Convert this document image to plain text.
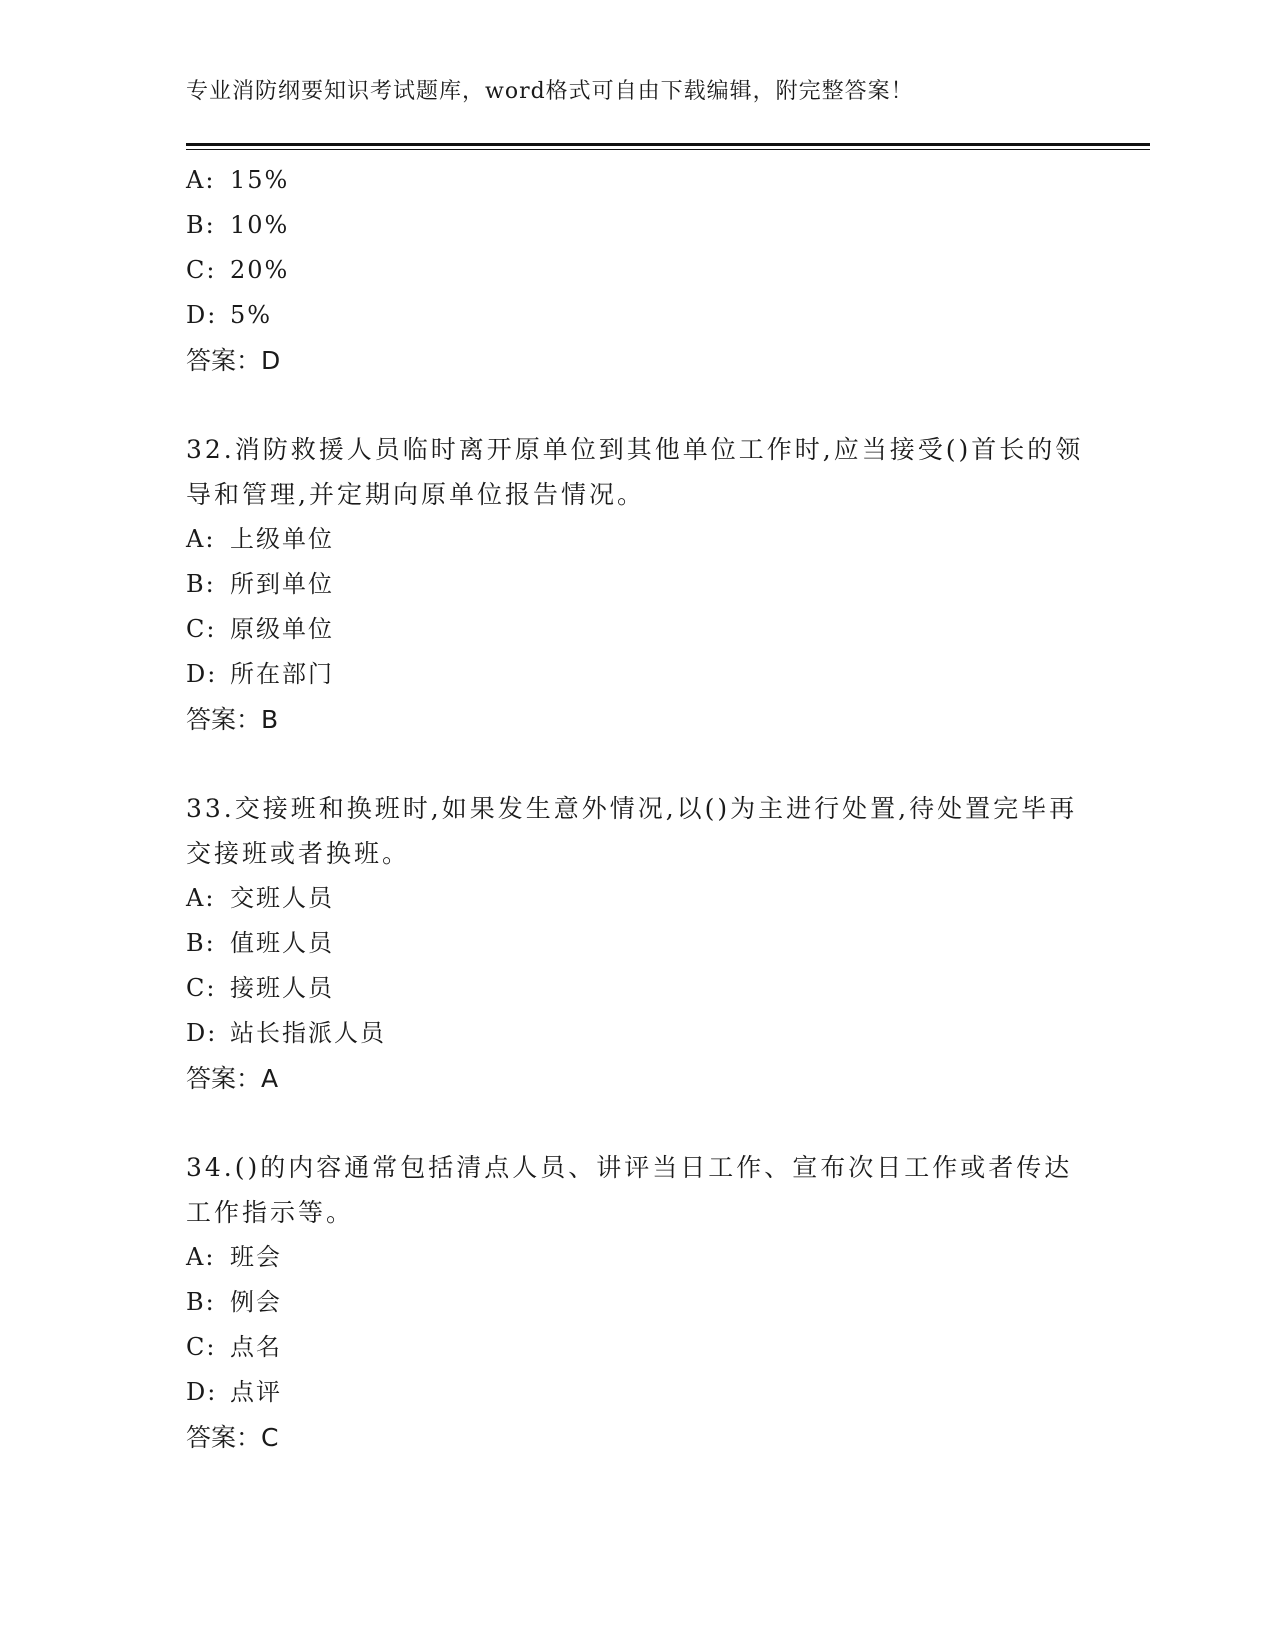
专业消防纲要知识考试题库，word格式可自由下载编辑，附完整答案！
A: 15%
B: 10%
C: 20%
D: 5%
答案：D
32.消防救援人员临时离开原单位到其他单位工作时,应当接受()首长的领导和管理,并定期向原单位报告情况。
A: 上级单位
B: 所到单位
C: 原级单位
D: 所在部门
答案：B
33.交接班和换班时,如果发生意外情况,以()为主进行处置,待处置完毕再交接班或者换班。
A: 交班人员
B: 值班人员
C: 接班人员
D: 站长指派人员
答案：A
34.()的内容通常包括清点人员、讲评当日工作、宣布次日工作或者传达工作指示等。
A: 班会
B: 例会
C: 点名
D: 点评
答案：C
